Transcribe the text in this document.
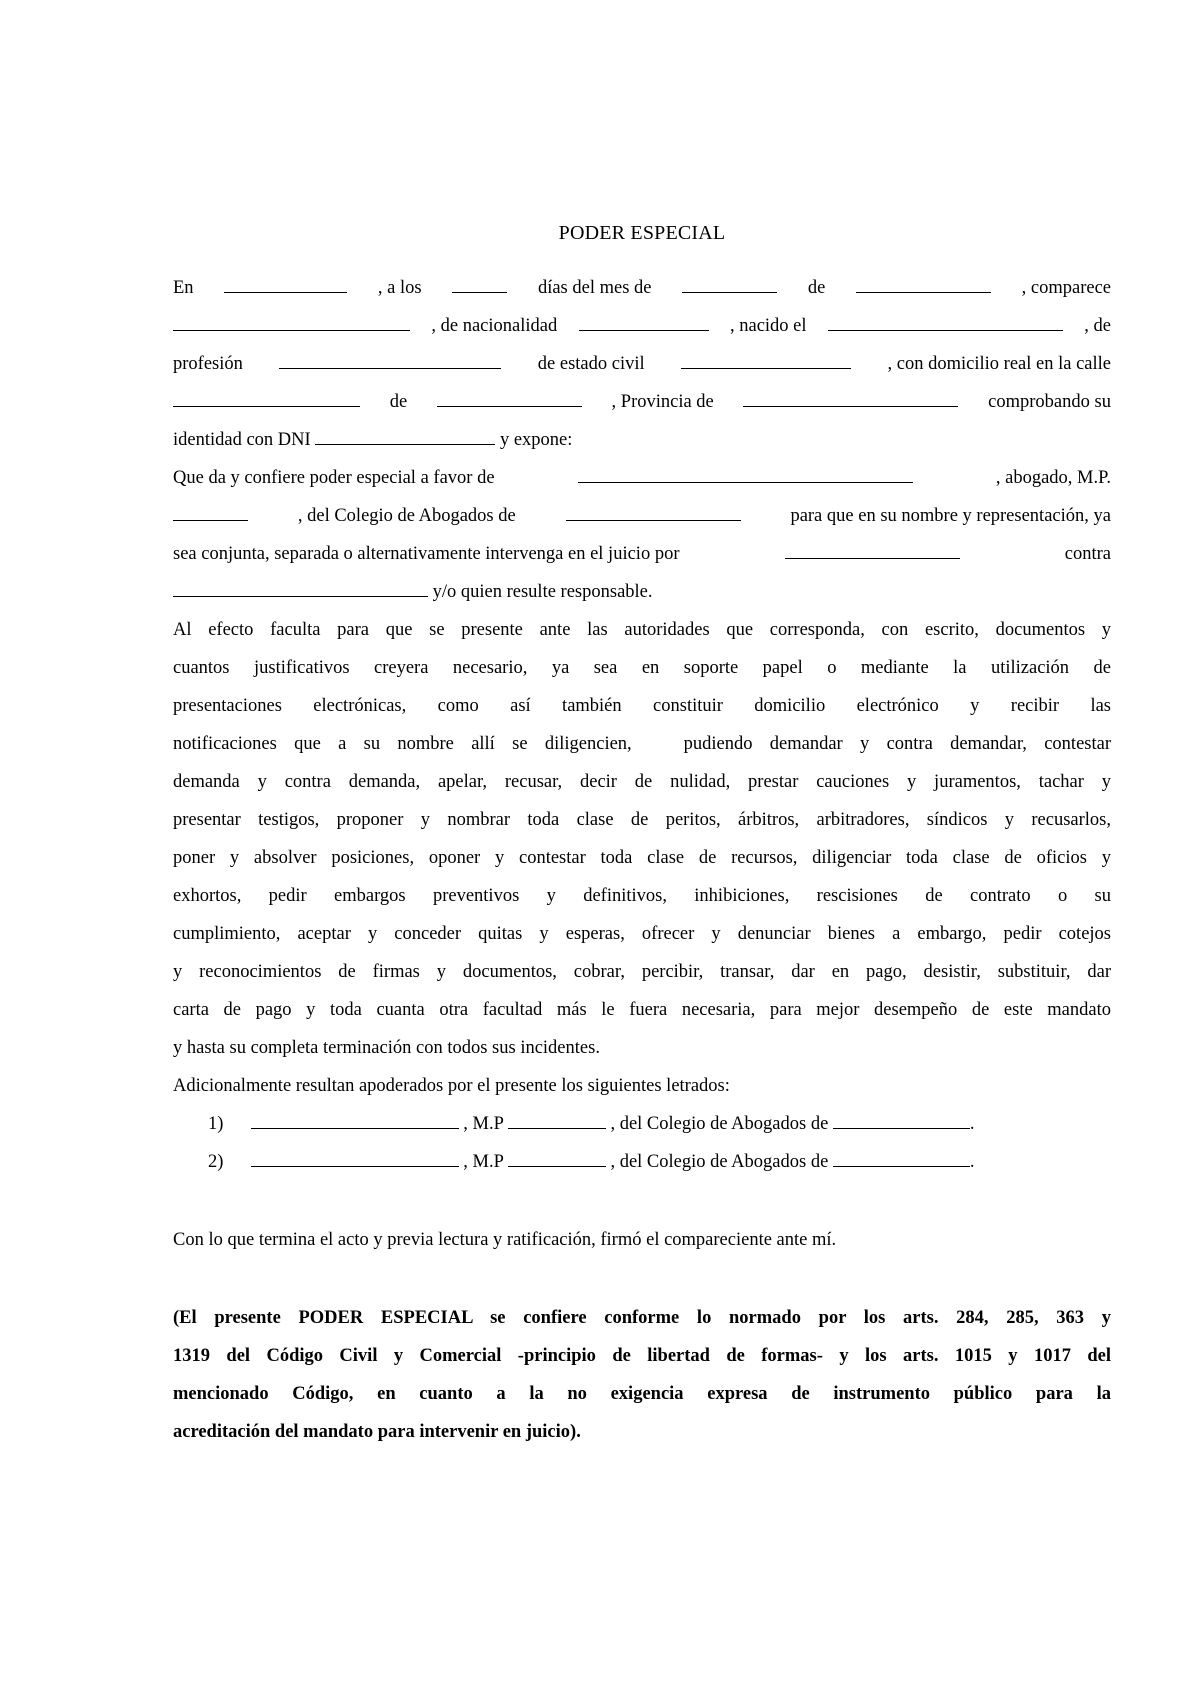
PODER ESPECIAL
En	, a los	días del mes de	de	, comparece
, de nacionalidad	, nacido el	, de
profesión	de estado civil	, con domicilio real en la calle
de	, Provincia de	comprobando su
identidad con DNI	y expone:
Que da y confiere poder especial a favor de	, abogado, M.P.
, del Colegio de Abogados de	para que en su nombre y representación, ya
sea conjunta, separada o alternativamente intervenga en el juicio por	contra
y/o quien resulte responsable.
Al efecto faculta para que se presente ante las autoridades que corresponda, con escrito, documentos y
cuantos justificativos creyera necesario, ya sea en soporte papel o mediante la utilización de
presentaciones electrónicas, como así también constituir domicilio electrónico y recibir las
notificaciones que a su nombre allí se diligencien,   pudiendo demandar y contra demandar, contestar
demanda y contra demanda, apelar, recusar, decir de nulidad, prestar cauciones y juramentos, tachar y
presentar testigos, proponer y nombrar toda clase de peritos, árbitros, arbitradores, síndicos y recusarlos,
poner y absolver posiciones, oponer y contestar toda clase de recursos, diligenciar toda clase de oficios y
exhortos, pedir embargos preventivos y definitivos, inhibiciones, rescisiones de contrato o su
cumplimiento, aceptar y conceder quitas y esperas, ofrecer y denunciar bienes a embargo, pedir cotejos
y reconocimientos de firmas y documentos, cobrar, percibir, transar, dar en pago, desistir, substituir, dar
carta de pago y toda cuanta otra facultad más le fuera necesaria, para mejor desempeño de este mandato
y hasta su completa terminación con todos sus incidentes.
Adicionalmente resultan apoderados por el presente los siguientes letrados:
1)	, M.P	, del Colegio de Abogados de	.
2)	, M.P	, del Colegio de Abogados de	.
Con lo que termina el acto y previa lectura y ratificación, firmó el compareciente ante mí.
(El presente PODER ESPECIAL se confiere conforme lo normado por los arts. 284, 285, 363 y
1319 del Código Civil y Comercial -principio de libertad de formas- y los arts. 1015 y 1017 del
mencionado Código, en cuanto a la no exigencia expresa de instrumento público para la
acreditación del mandato para intervenir en juicio).
